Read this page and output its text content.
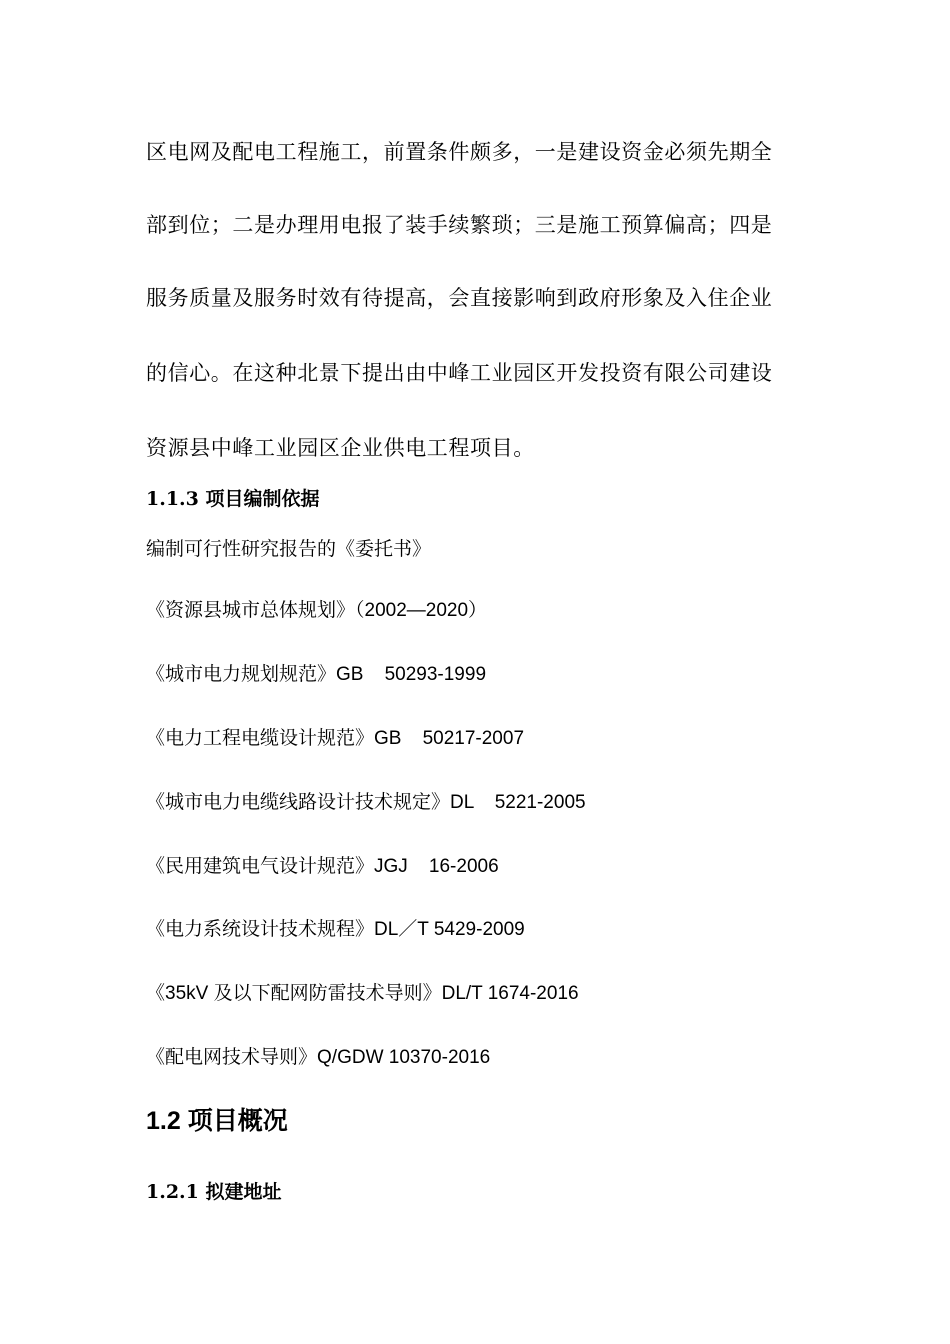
区电网及配电工程施工，前置条件颇多，一是建设资金必须先期全
部到位；二是办理用电报了装手续繁琐；三是施工预算偏高；四是
服务质量及服务时效有待提高，会直接影响到政府形象及入住企业
的信心。在这种北景下提出由中峰工业园区开发投资有限公司建设
资源县中峰工业园区企业供电工程项目。
1.1.3 项目编制依据
编制可行性研究报告的《委托书》
《资源县城市总体规划》（2002—2020）
《城市电力规划规范》GB    50293-1999
《电力工程电缆设计规范》GB    50217-2007
《城市电力电缆线路设计技术规定》DL    5221-2005
《民用建筑电气设计规范》JGJ    16-2006
《电力系统设计技术规程》DL／T 5429-2009
《35kV 及以下配网防雷技术导则》DL/T 1674-2016
《配电网技术导则》Q/GDW 10370-2016
1.2 项目概况
1.2.1 拟建地址
